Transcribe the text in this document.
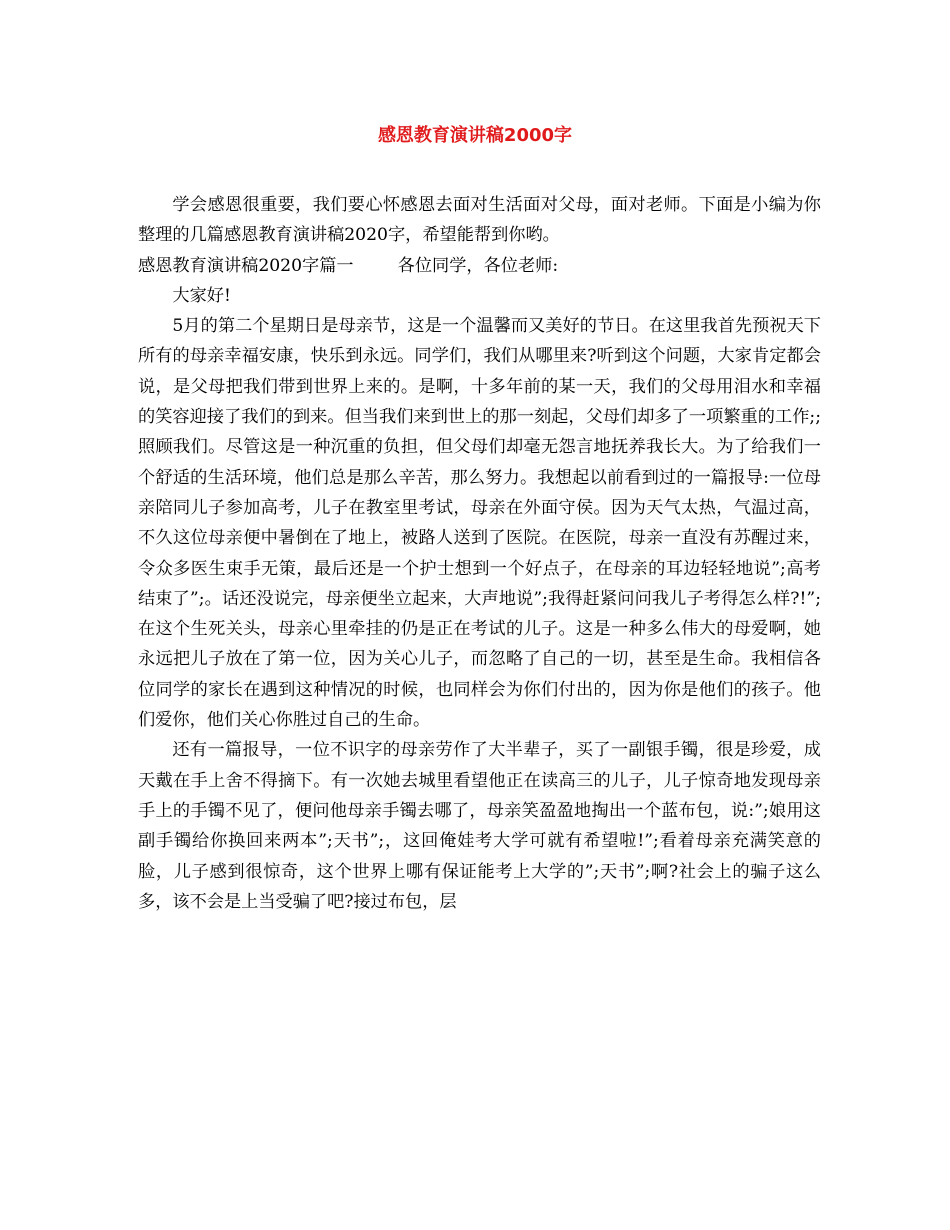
感恩教育演讲稿2000字

学会感恩很重要，我们要心怀感恩去面对生活面对父母，面对老师。下面是小编为你整理的几篇感恩教育演讲稿2020字，希望能帮到你哟。

感恩教育演讲稿2020字篇一	各位同学，各位老师:

大家好!

5月的第二个星期日是母亲节，这是一个温馨而又美好的节日。在这里我首先预祝天下所有的母亲幸福安康，快乐到永远。同学们，我们从哪里来?听到这个问题，大家肯定都会说，是父母把我们带到世界上来的。是啊，十多年前的某一天，我们的父母用泪水和幸福的笑容迎接了我们的到来。但当我们来到世上的那一刻起，父母们却多了一项繁重的工作;;照顾我们。尽管这是一种沉重的负担，但父母们却毫无怨言地抚养我长大。为了给我们一个舒适的生活环境，他们总是那么辛苦，那么努力。我想起以前看到过的一篇报导:一位母亲陪同儿子参加高考，儿子在教室里考试，母亲在外面守侯。因为天气太热，气温过高，不久这位母亲便中暑倒在了地上，被路人送到了医院。在医院，母亲一直没有苏醒过来，令众多医生束手无策，最后还是一个护士想到一个好点子，在母亲的耳边轻轻地说”;高考结束了”;。话还没说完，母亲便坐立起来，大声地说”;我得赶紧问问我儿子考得怎么样?!”;在这个生死关头，母亲心里牵挂的仍是正在考试的儿子。这是一种多么伟大的母爱啊，她永远把儿子放在了第一位，因为关心儿子，而忽略了自己的一切，甚至是生命。我相信各位同学的家长在遇到这种情况的时候，也同样会为你们付出的，因为你是他们的孩子。他们爱你，他们关心你胜过自己的生命。

还有一篇报导，一位不识字的母亲劳作了大半辈子，买了一副银手镯，很是珍爱，成天戴在手上舍不得摘下。有一次她去城里看望他正在读高三的儿子，儿子惊奇地发现母亲手上的手镯不见了，便问他母亲手镯去哪了，母亲笑盈盈地掏出一个蓝布包，说:”;娘用这副手镯给你换回来两本”;天书”;，这回俺娃考大学可就有希望啦!”;看着母亲充满笑意的脸，儿子感到很惊奇，这个世界上哪有保证能考上大学的”;天书”;啊?社会上的骗子这么多，该不会是上当受骗了吧?接过布包，层
